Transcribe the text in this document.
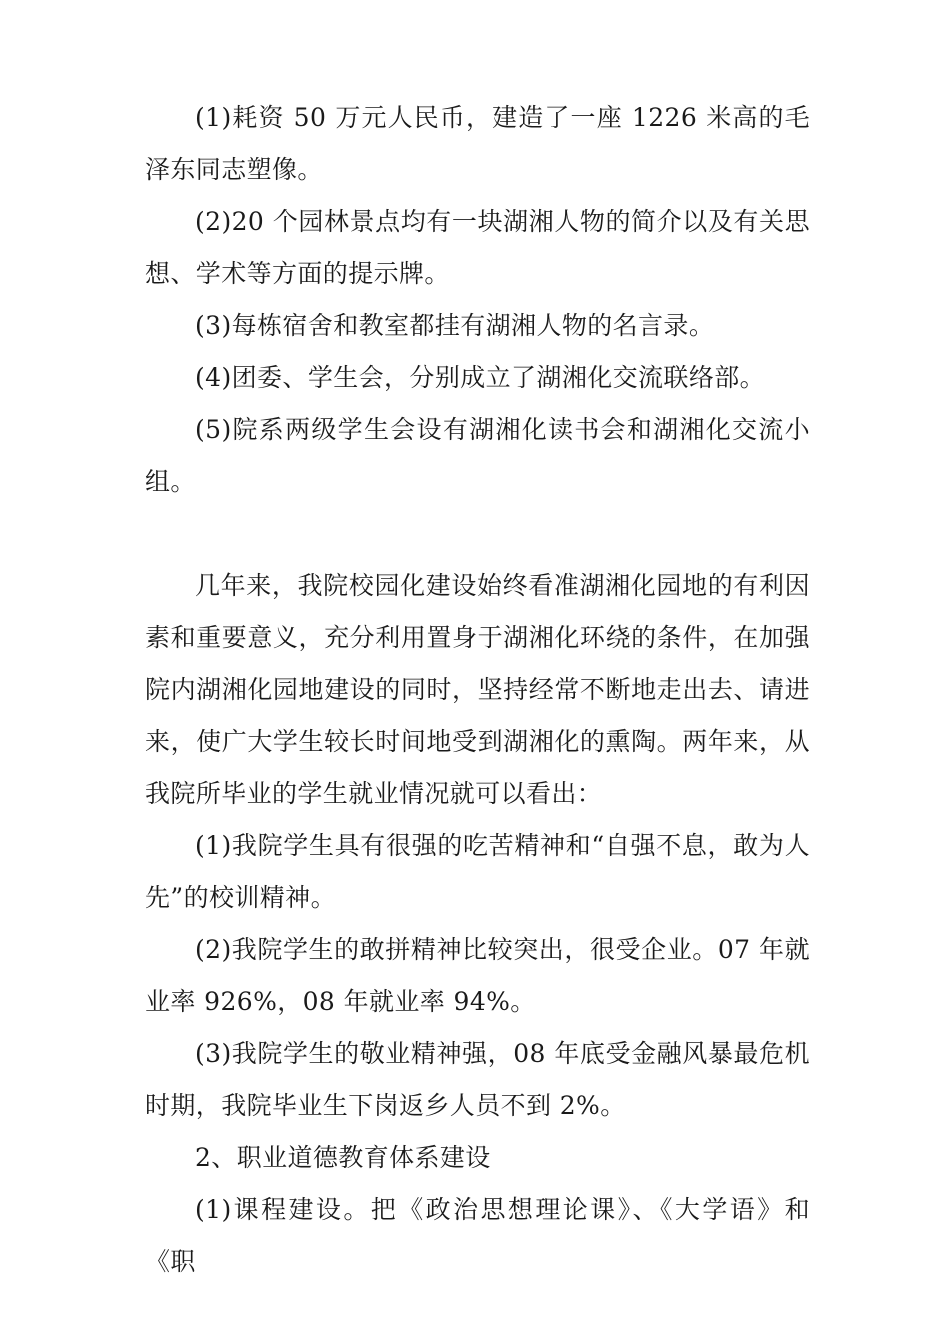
(1)耗资 50 万元人民币，建造了一座 1226 米高的毛泽东同志塑像。

(2)20 个园林景点均有一块湖湘人物的简介以及有关思想、学术等方面的提示牌。

(3)每栋宿舍和教室都挂有湖湘人物的名言录。

(4)团委、学生会，分别成立了湖湘化交流联络部。

(5)院系两级学生会设有湖湘化读书会和湖湘化交流小组。

几年来，我院校园化建设始终看准湖湘化园地的有利因素和重要意义，充分利用置身于湖湘化环绕的条件，在加强院内湖湘化园地建设的同时，坚持经常不断地走出去、请进来，使广大学生较长时间地受到湖湘化的熏陶。两年来，从我院所毕业的学生就业情况就可以看出：

(1)我院学生具有很强的吃苦精神和“自强不息，敢为人先”的校训精神。

(2)我院学生的敢拼精神比较突出，很受企业。07 年就业率 926%，08 年就业率 94%。

(3)我院学生的敬业精神强，08 年底受金融风暴最危机时期，我院毕业生下岗返乡人员不到 2%。

2、职业道德教育体系建设

(1)课程建设。把《政治思想理论课》、《大学语》和《职
